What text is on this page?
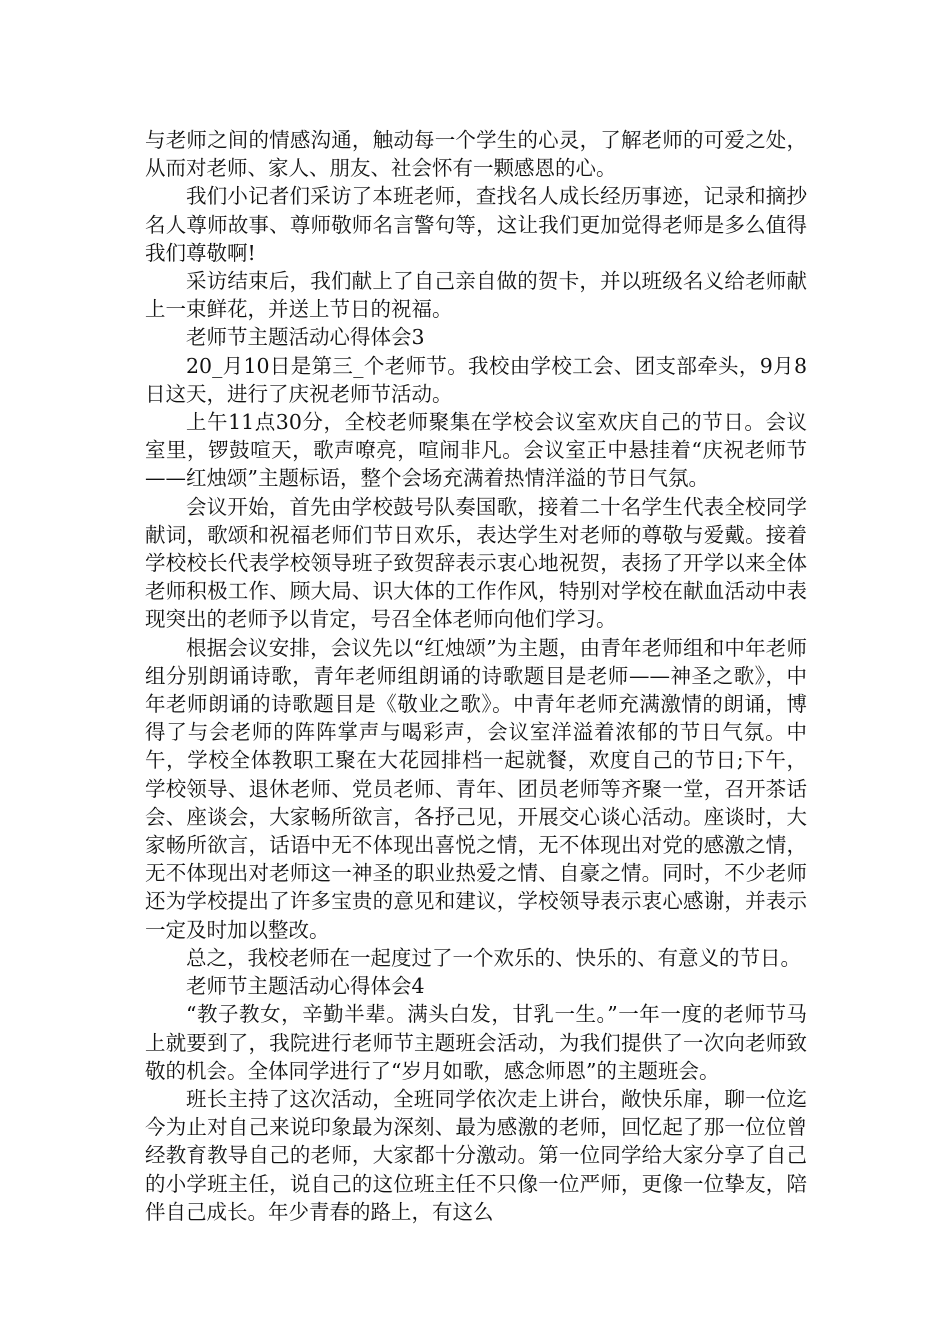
与老师之间的情感沟通，触动每一个学生的心灵，了解老师的可爱之处，从而对老师、家人、朋友、社会怀有一颗感恩的心。

我们小记者们采访了本班老师，查找名人成长经历事迹，记录和摘抄名人尊师故事、尊师敬师名言警句等，这让我们更加觉得老师是多么值得我们尊敬啊!

采访结束后，我们献上了自己亲自做的贺卡，并以班级名义给老师献上一束鲜花，并送上节日的祝福。

老师节主题活动心得体会3

20_月10日是第三_个老师节。我校由学校工会、团支部牵头，9月8日这天，进行了庆祝老师节活动。

上午11点30分，全校老师聚集在学校会议室欢庆自己的节日。会议室里，锣鼓喧天，歌声嘹亮，喧闹非凡。会议室正中悬挂着“庆祝老师节——红烛颂”主题标语，整个会场充满着热情洋溢的节日气氛。

会议开始，首先由学校鼓号队奏国歌，接着二十名学生代表全校同学献词，歌颂和祝福老师们节日欢乐，表达学生对老师的尊敬与爱戴。接着学校校长代表学校领导班子致贺辞表示衷心地祝贺，表扬了开学以来全体老师积极工作、顾大局、识大体的工作作风，特别对学校在献血活动中表现突出的老师予以肯定，号召全体老师向他们学习。

根据会议安排，会议先以“红烛颂”为主题，由青年老师组和中年老师组分别朗诵诗歌，青年老师组朗诵的诗歌题目是老师——神圣之歌》，中年老师朗诵的诗歌题目是《敬业之歌》。中青年老师充满激情的朗诵，博得了与会老师的阵阵掌声与喝彩声，会议室洋溢着浓郁的节日气氛。中午，学校全体教职工聚在大花园排档一起就餐，欢度自己的节日;下午，学校领导、退休老师、党员老师、青年、团员老师等齐聚一堂，召开茶话会、座谈会，大家畅所欲言，各抒己见，开展交心谈心活动。座谈时，大家畅所欲言，话语中无不体现出喜悦之情，无不体现出对党的感激之情，无不体现出对老师这一神圣的职业热爱之情、自豪之情。同时，不少老师还为学校提出了许多宝贵的意见和建议，学校领导表示衷心感谢，并表示一定及时加以整改。

总之，我校老师在一起度过了一个欢乐的、快乐的、有意义的节日。

老师节主题活动心得体会4

“教子教女，辛勤半辈。满头白发，甘乳一生。”一年一度的老师节马上就要到了，我院进行老师节主题班会活动，为我们提供了一次向老师致敬的机会。全体同学进行了“岁月如歌，感念师恩”的主题班会。

班长主持了这次活动，全班同学依次走上讲台，敞快乐扉，聊一位迄今为止对自己来说印象最为深刻、最为感激的老师，回忆起了那一位位曾经教育教导自己的老师，大家都十分激动。第一位同学给大家分享了自己的小学班主任，说自己的这位班主任不只像一位严师，更像一位挚友，陪伴自己成长。年少青春的路上，有这么
